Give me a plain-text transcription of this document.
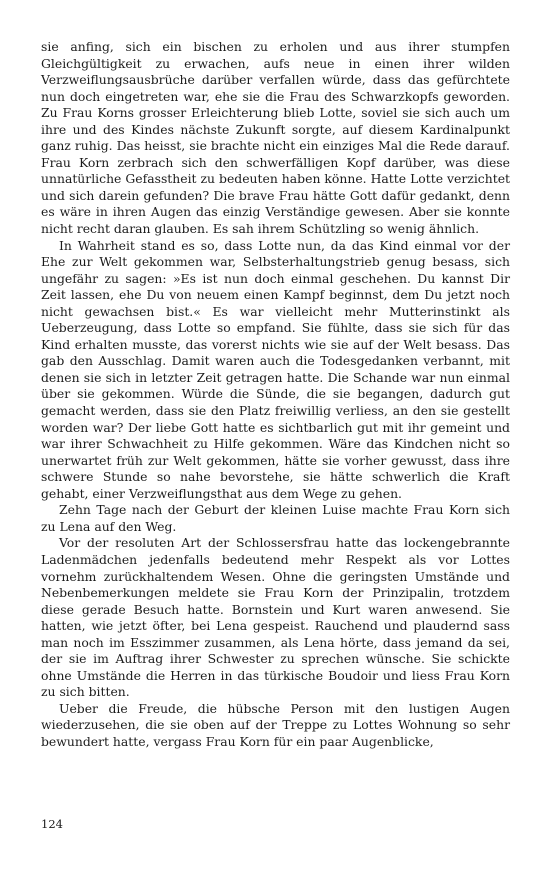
sie anfing, sich ein bischen zu erholen und aus ihrer stumpfen Gleichgültigkeit zu erwachen, aufs neue in einen ihrer wilden Verzweiflungsausbrüche darüber verfallen würde, dass das gefürchtete nun doch eingetreten war, ehe sie die Frau des Schwarzkopfs geworden. Zu Frau Korns grosser Erleichterung blieb Lotte, soviel sie sich auch um ihre und des Kindes nächste Zukunft sorgte, auf diesem Kardinalpunkt ganz ruhig. Das heisst, sie brachte nicht ein einziges Mal die Rede darauf. Frau Korn zerbrach sich den schwerfälligen Kopf darüber, was diese unnatürliche Gefasstheit zu bedeuten haben könne. Hatte Lotte verzichtet und sich darein gefunden? Die brave Frau hätte Gott dafür gedankt, denn es wäre in ihren Augen das einzig Verständige gewesen. Aber sie konnte nicht recht daran glauben. Es sah ihrem Schützling so wenig ähnlich.

In Wahrheit stand es so, dass Lotte nun, da das Kind einmal vor der Ehe zur Welt gekommen war, Selbsterhaltungstrieb genug besass, sich ungefähr zu sagen: »Es ist nun doch einmal geschehen. Du kannst Dir Zeit lassen, ehe Du von neuem einen Kampf beginnst, dem Du jetzt noch nicht gewachsen bist.« Es war vielleicht mehr Mutterinstinkt als Ueberzeugung, dass Lotte so empfand. Sie fühlte, dass sie sich für das Kind erhalten musste, das vorerst nichts wie sie auf der Welt besass. Das gab den Ausschlag. Damit waren auch die Todesgedanken verbannt, mit denen sie sich in letzter Zeit getragen hatte. Die Schande war nun einmal über sie gekommen. Würde die Sünde, die sie begangen, dadurch gut gemacht werden, dass sie den Platz freiwillig verliess, an den sie gestellt worden war? Der liebe Gott hatte es sichtbarlich gut mit ihr gemeint und war ihrer Schwachheit zu Hilfe gekommen. Wäre das Kindchen nicht so unerwartet früh zur Welt gekommen, hätte sie vorher gewusst, dass ihre schwere Stunde so nahe bevorstehe, sie hätte schwerlich die Kraft gehabt, einer Verzweiflungsthat aus dem Wege zu gehen.

Zehn Tage nach der Geburt der kleinen Luise machte Frau Korn sich zu Lena auf den Weg.

Vor der resoluten Art der Schlossersfrau hatte das lockengebrannte Ladenmädchen jedenfalls bedeutend mehr Respekt als vor Lottes vornehm zurückhaltendem Wesen. Ohne die geringsten Umstände und Nebenbemerkungen meldete sie Frau Korn der Prinzipalin, trotzdem diese gerade Besuch hatte. Bornstein und Kurt waren anwesend. Sie hatten, wie jetzt öfter, bei Lena gespeist. Rauchend und plaudernd sass man noch im Esszimmer zusammen, als Lena hörte, dass jemand da sei, der sie im Auftrag ihrer Schwester zu sprechen wünsche. Sie schickte ohne Umstände die Herren in das türkische Boudoir und liess Frau Korn zu sich bitten.

Ueber die Freude, die hübsche Person mit den lustigen Augen wiederzusehen, die sie oben auf der Treppe zu Lottes Wohnung so sehr bewundert hatte, vergass Frau Korn für ein paar Augenblicke,

124
